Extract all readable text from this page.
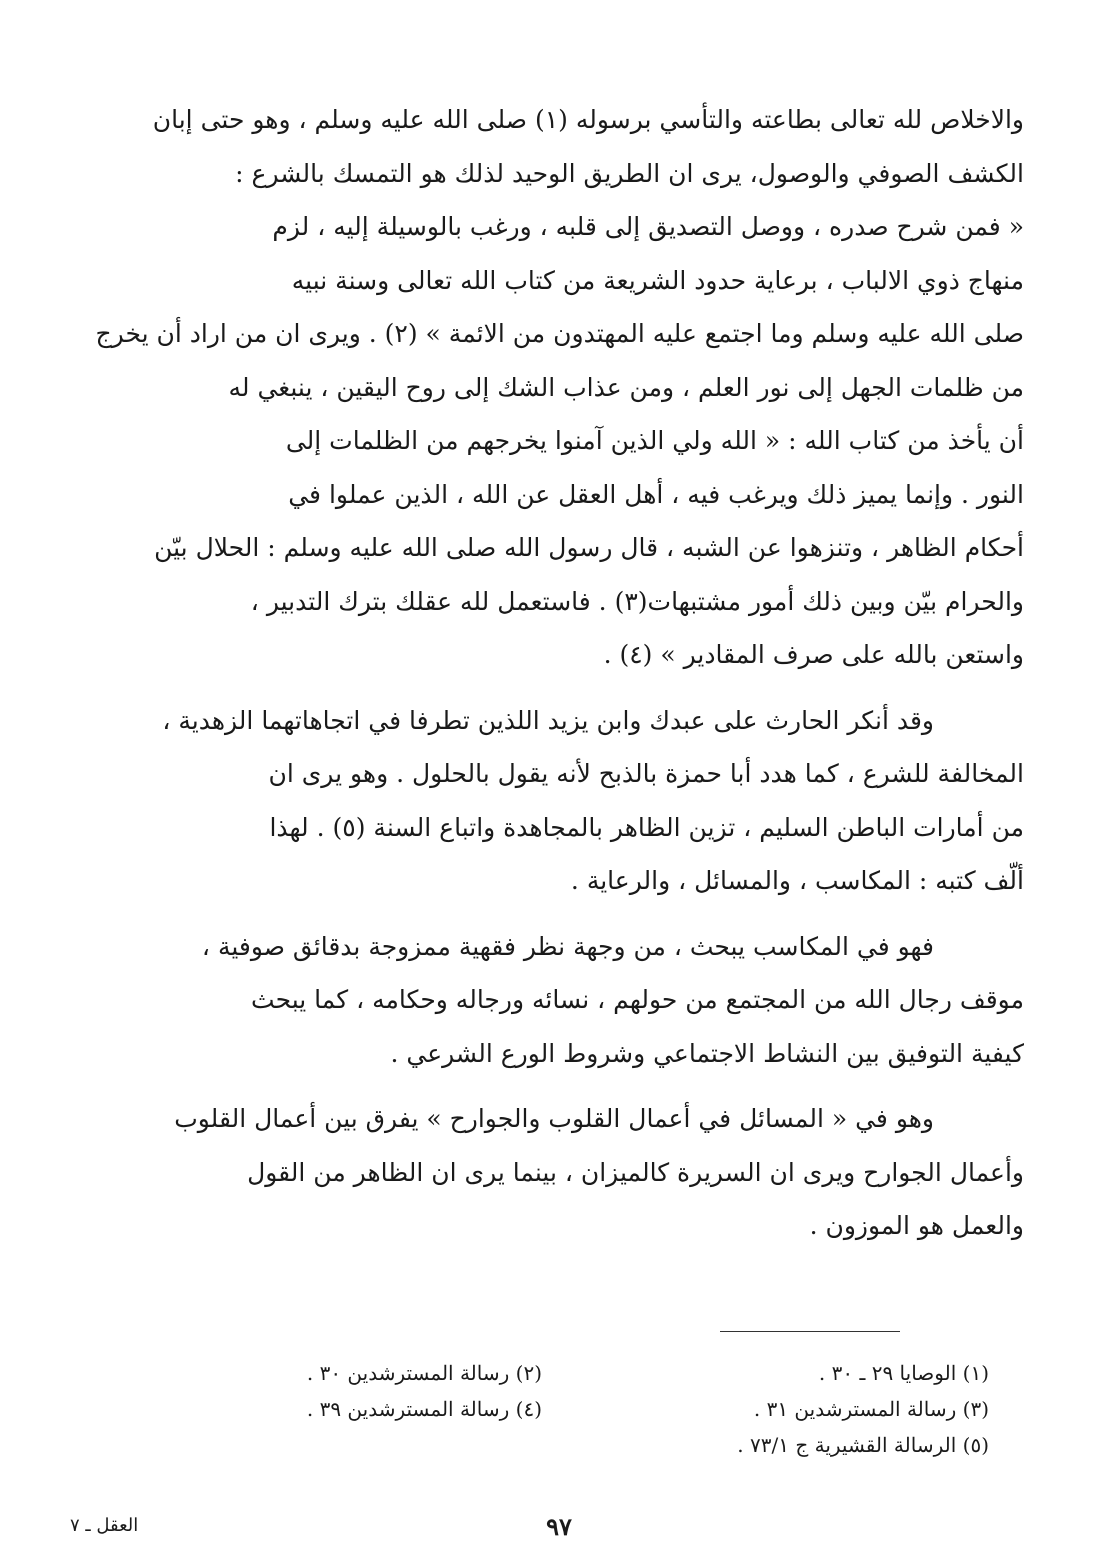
والاخلاص لله تعالى بطاعته والتأسي برسوله (١) صلى الله عليه وسلم ، وهو حتى إبان
الكشف الصوفي والوصول، يرى ان الطريق الوحيد لذلك هو التمسك بالشرع :
« فمن شرح صدره ، ووصل التصديق إلى قلبه ، ورغب بالوسيلة إليه ، لزم
منهاج ذوي الالباب ، برعاية حدود الشريعة من كتاب الله تعالى وسنة نبيه
صلى الله عليه وسلم وما اجتمع عليه المهتدون من الائمة » (٢) . ويرى ان من اراد أن يخرج
من ظلمات الجهل إلى نور العلم ، ومن عذاب الشك إلى روح اليقين ، ينبغي له
أن يأخذ من كتاب الله : « الله ولي الذين آمنوا يخرجهم من الظلمات إلى
النور . وإنما يميز ذلك ويرغب فيه ، أهل العقل عن الله ، الذين عملوا في
أحكام الظاهر ، وتنزهوا عن الشبه ، قال رسول الله صلى الله عليه وسلم : الحلال بيّن
والحرام بيّن وبين ذلك أمور مشتبهات(٣) . فاستعمل لله عقلك بترك التدبير ،
واستعن بالله على صرف المقادير » (٤) .
وقد أنكر الحارث على عبدك وابن يزيد اللذين تطرفا في اتجاهاتهما الزهدية ،
المخالفة للشرع ، كما هدد أبا حمزة بالذبح لأنه يقول بالحلول . وهو يرى ان
من أمارات الباطن السليم ، تزين الظاهر بالمجاهدة واتباع السنة (٥) . لهذا
ألّف كتبه : المكاسب ، والمسائل ، والرعاية .
فهو في المكاسب يبحث ، من وجهة نظر فقهية ممزوجة بدقائق صوفية ،
موقف رجال الله من المجتمع من حولهم ، نسائه ورجاله وحكامه ، كما يبحث
كيفية التوفيق بين النشاط الاجتماعي وشروط الورع الشرعي .
وهو في « المسائل في أعمال القلوب والجوارح » يفرق بين أعمال القلوب
وأعمال الجوارح ويرى ان السريرة كالميزان ، بينما يرى ان الظاهر من القول
والعمل هو الموزون .
(١) الوصايا ٢٩ ـ ٣٠ .
(٢) رسالة المسترشدين ٣٠ .
(٣) رسالة المسترشدين ٣١ .
(٤) رسالة المسترشدين ٣٩ .
(٥) الرسالة القشيرية ج ٧٣/١ .
٩٧
العقل ـ ٧
